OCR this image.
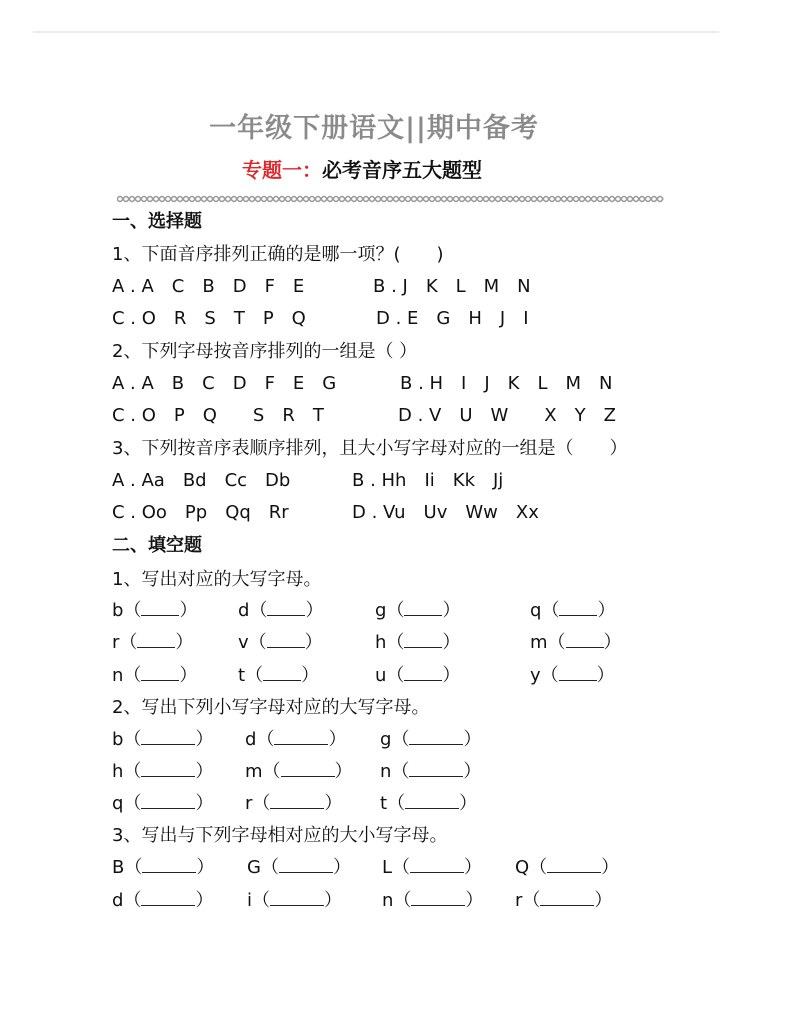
一年级下册语文||期中备考
专题一：必考音序五大题型
一、选择题
1、下面音序排列正确的是哪一项？(　　)
A . A　C　B　D　F　E	B . J　K　L　M　N
C . O　R　S　T　P　Q	D . E　G　H　J　I
2、下列字母按音序排列的一组是（ ）
A . A　B　C　D　F　E　G	B . H　I　J　K　L　M　N
C . O　P　Q　　S　R　T	D . V　U　W　　X　Y　Z
3、下列按音序表顺序排列，且大小写字母对应的一组是（　　）
A . Aa　Bd　Cc　Db	B . Hh　Ii　Kk　Jj
C . Oo　Pp　Qq　Rr	D . Vu　Uv　Ww　Xx
二、填空题
1、写出对应的大写字母。
b（ ） d（ ）	g（ ）	q（ ）
r（ ） v（ ）	h（ ）	m（ ）
n（ ） t（ ）	u（ ）	y（ ）
2、写出下列小写字母对应的大写字母。
b（	） d（	） g（	）
h（	） m（	） n（	）
q（	） r（	） t（	）
3、写出与下列字母相对应的大小写字母。
B（	） G（	） L（	） Q（	）
d（	） i（	） n（	） r（	）
